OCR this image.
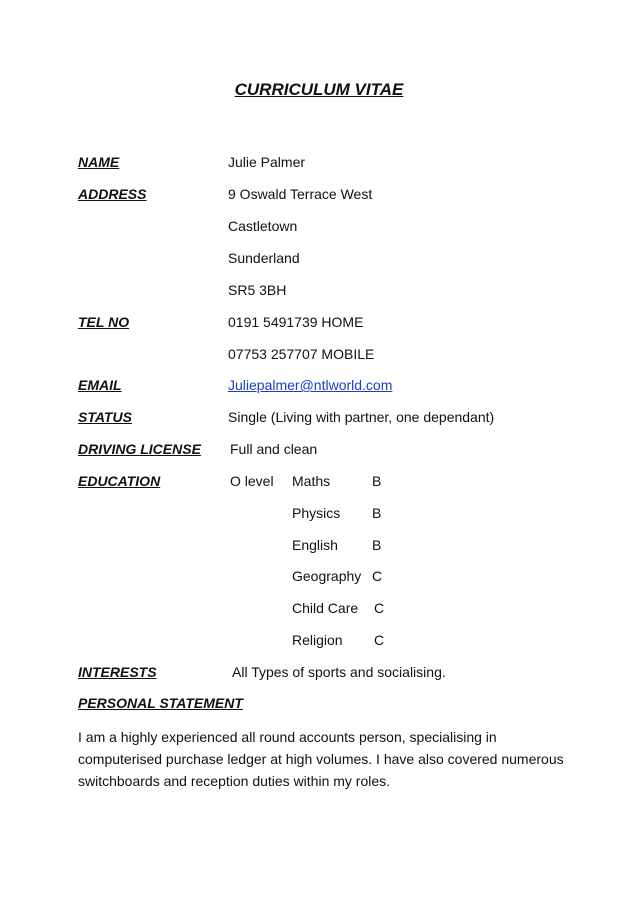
CURRICULUM VITAE
NAME	Julie Palmer
ADDRESS	9 Oswald Terrace West
Castletown
Sunderland
SR5 3BH
TEL NO	0191 5491739 HOME
07753 257707 MOBILE
EMAIL	Juliepalmer@ntlworld.com
STATUS	Single (Living with partner, one dependant)
DRIVING LICENSE Full and clean
EDUCATION	O level Maths	B
Physics B
English B
Geography C
Child Care C
Religion C
INTERESTS	All Types of sports and socialising.
PERSONAL STATEMENT
I am a highly experienced all round accounts person, specialising in computerised purchase ledger at high volumes. I have also covered numerous switchboards and reception duties within my roles.
